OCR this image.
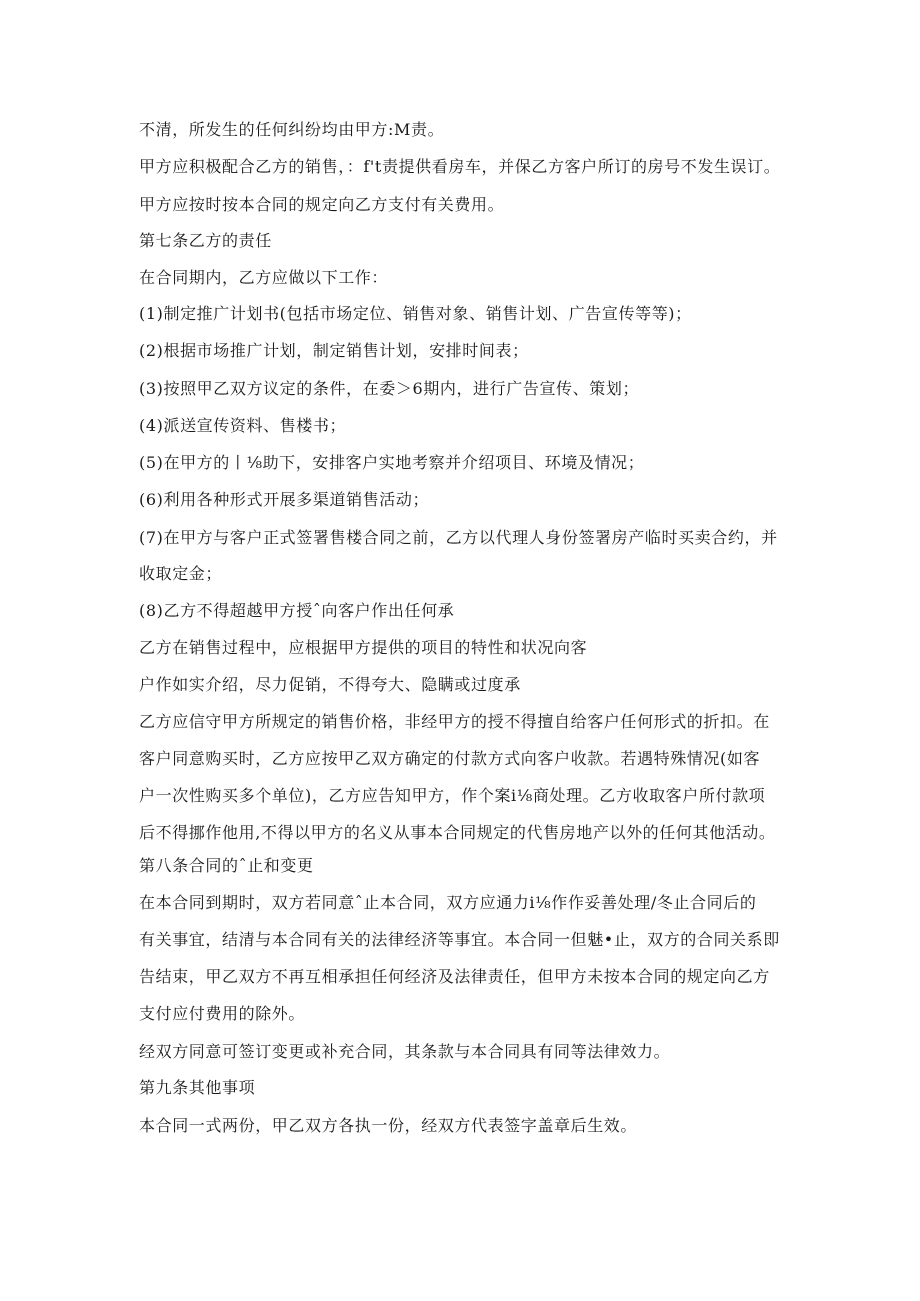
不清，所发生的任何纠纷均由甲方:M责。
甲方应积极配合乙方的销售，：f't责提供看房车，并保乙方客户所订的房号不发生误订。
甲方应按时按本合同的规定向乙方支付有关费用。
第七条乙方的责任
在合同期内，乙方应做以下工作：
(1)制定推广计划书(包括市场定位、销售对象、销售计划、广告宣传等等)；
(2)根据市场推广计划，制定销售计划，安排时间表；
(3)按照甲乙双方议定的条件，在委＞6期内，进行广告宣传、策划；
(4)派送宣传资料、售楼书；
(5)在甲方的丨⅛助下，安排客户实地考察并介绍项目、环境及情况；
(6)利用各种形式开展多渠道销售活动；
(7)在甲方与客户正式签署售楼合同之前，乙方以代理人身份签署房产临时买卖合约，并
收取定金；
(8)乙方不得超越甲方授ˆ向客户作出任何承
乙方在销售过程中，应根据甲方提供的项目的特性和状况向客
户作如实介绍，尽力促销，不得夸大、隐瞒或过度承
乙方应信守甲方所规定的销售价格，非经甲方的授不得擅自给客户任何形式的折扣。在
客户同意购买时，乙方应按甲乙双方确定的付款方式向客户收款。若遇特殊情况(如客
户一次性购买多个单位)，乙方应告知甲方，作个案i⅛商处理。乙方收取客户所付款项
后不得挪作他用,不得以甲方的名义从事本合同规定的代售房地产以外的任何其他活动。
第八条合同的ˆ止和变更
在本合同到期时，双方若同意ˆ止本合同，双方应通力i⅛作作妥善处理/冬止合同后的
有关事宜，结清与本合同有关的法律经济等事宜。本合同一但魅•止，双方的合同关系即
告结束，甲乙双方不再互相承担任何经济及法律责任，但甲方未按本合同的规定向乙方
支付应付费用的除外。
经双方同意可签订变更或补充合同，其条款与本合同具有同等法律效力。
第九条其他事项
本合同一式两份，甲乙双方各执一份，经双方代表签字盖章后生效。
